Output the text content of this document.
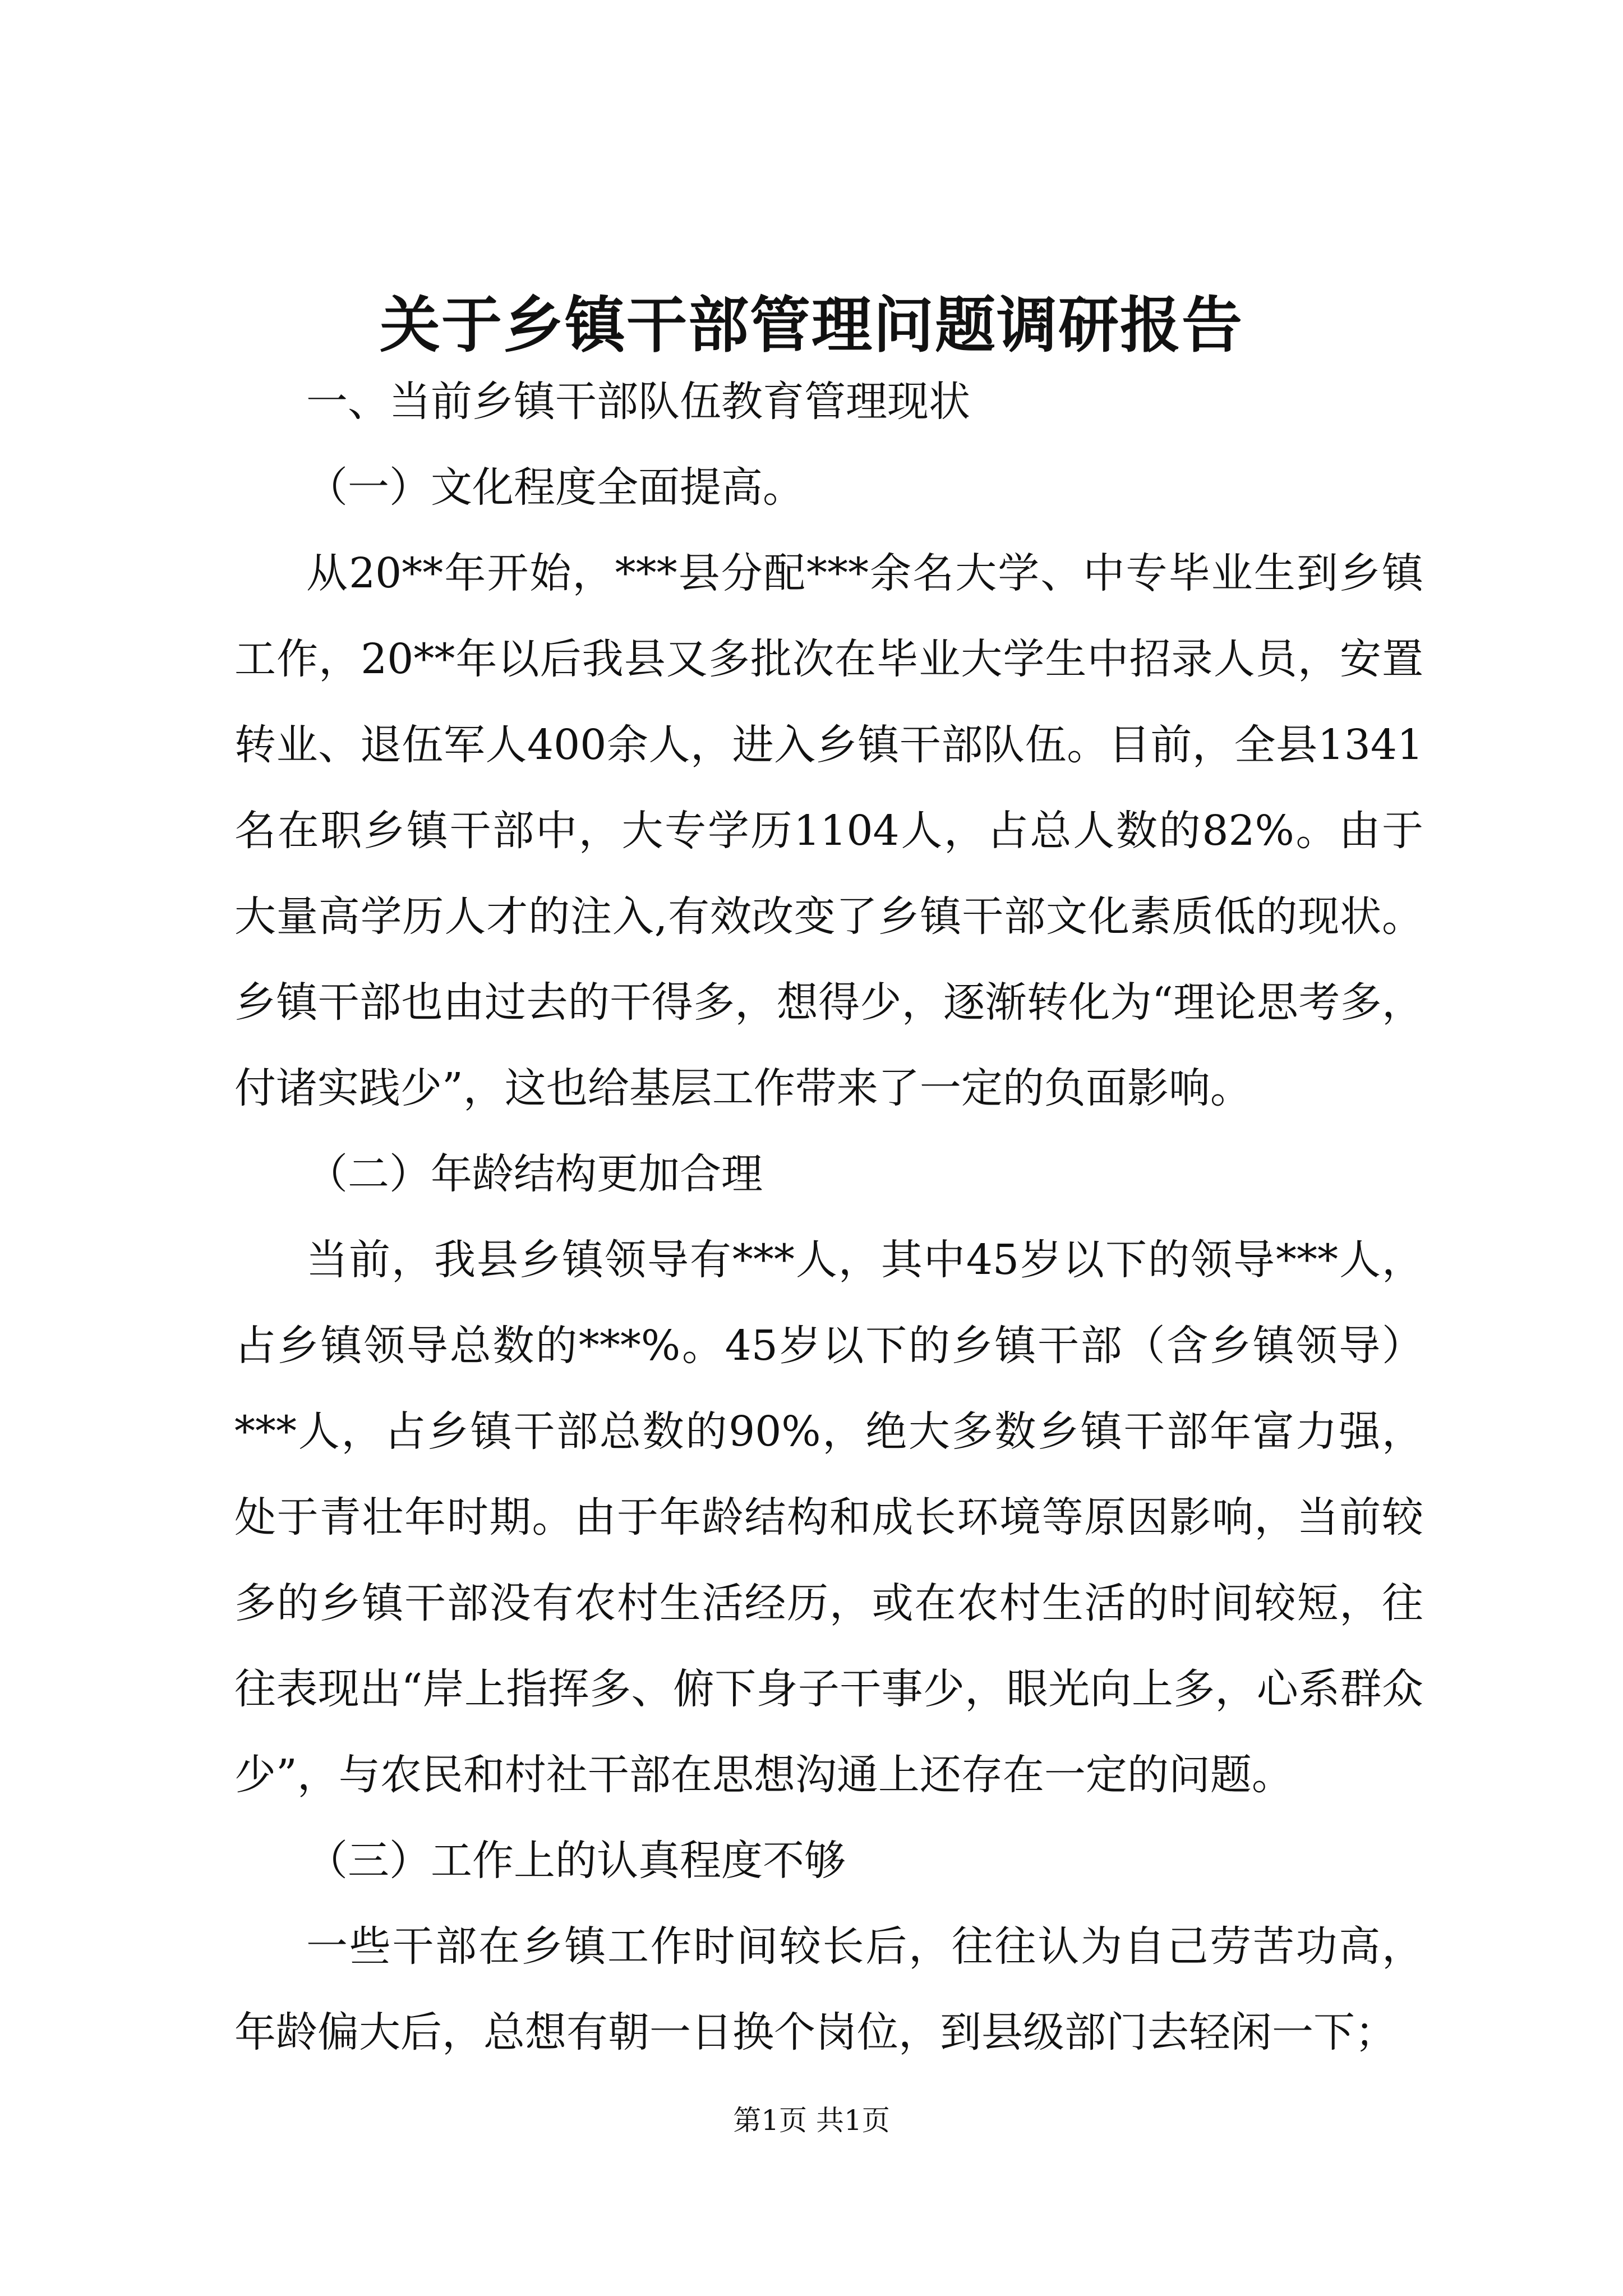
关于乡镇干部管理问题调研报告

一、当前乡镇干部队伍教育管理现状

（一）文化程度全面提高。

从20**年开始，***县分配***余名大学、中专毕业生到乡镇工作，20**年以后我县又多批次在毕业大学生中招录人员，安置转业、退伍军人400余人，进入乡镇干部队伍。目前，全县1341名在职乡镇干部中，大专学历1104人，占总人数的82%。由于大量高学历人才的注入,有效改变了乡镇干部文化素质低的现状。乡镇干部也由过去的干得多，想得少，逐渐转化为“理论思考多，付诸实践少”，这也给基层工作带来了一定的负面影响。

（二）年龄结构更加合理

当前，我县乡镇领导有***人，其中45岁以下的领导***人，占乡镇领导总数的***%。45岁以下的乡镇干部（含乡镇领导）***人，占乡镇干部总数的90%，绝大多数乡镇干部年富力强，处于青壮年时期。由于年龄结构和成长环境等原因影响，当前较多的乡镇干部没有农村生活经历，或在农村生活的时间较短，往往表现出“岸上指挥多、俯下身子干事少，眼光向上多，心系群众少”，与农民和村社干部在思想沟通上还存在一定的问题。

（三）工作上的认真程度不够

一些干部在乡镇工作时间较长后，往往认为自己劳苦功高，年龄偏大后，总想有朝一日换个岗位，到县级部门去轻闲一下；

第1页 共1页
